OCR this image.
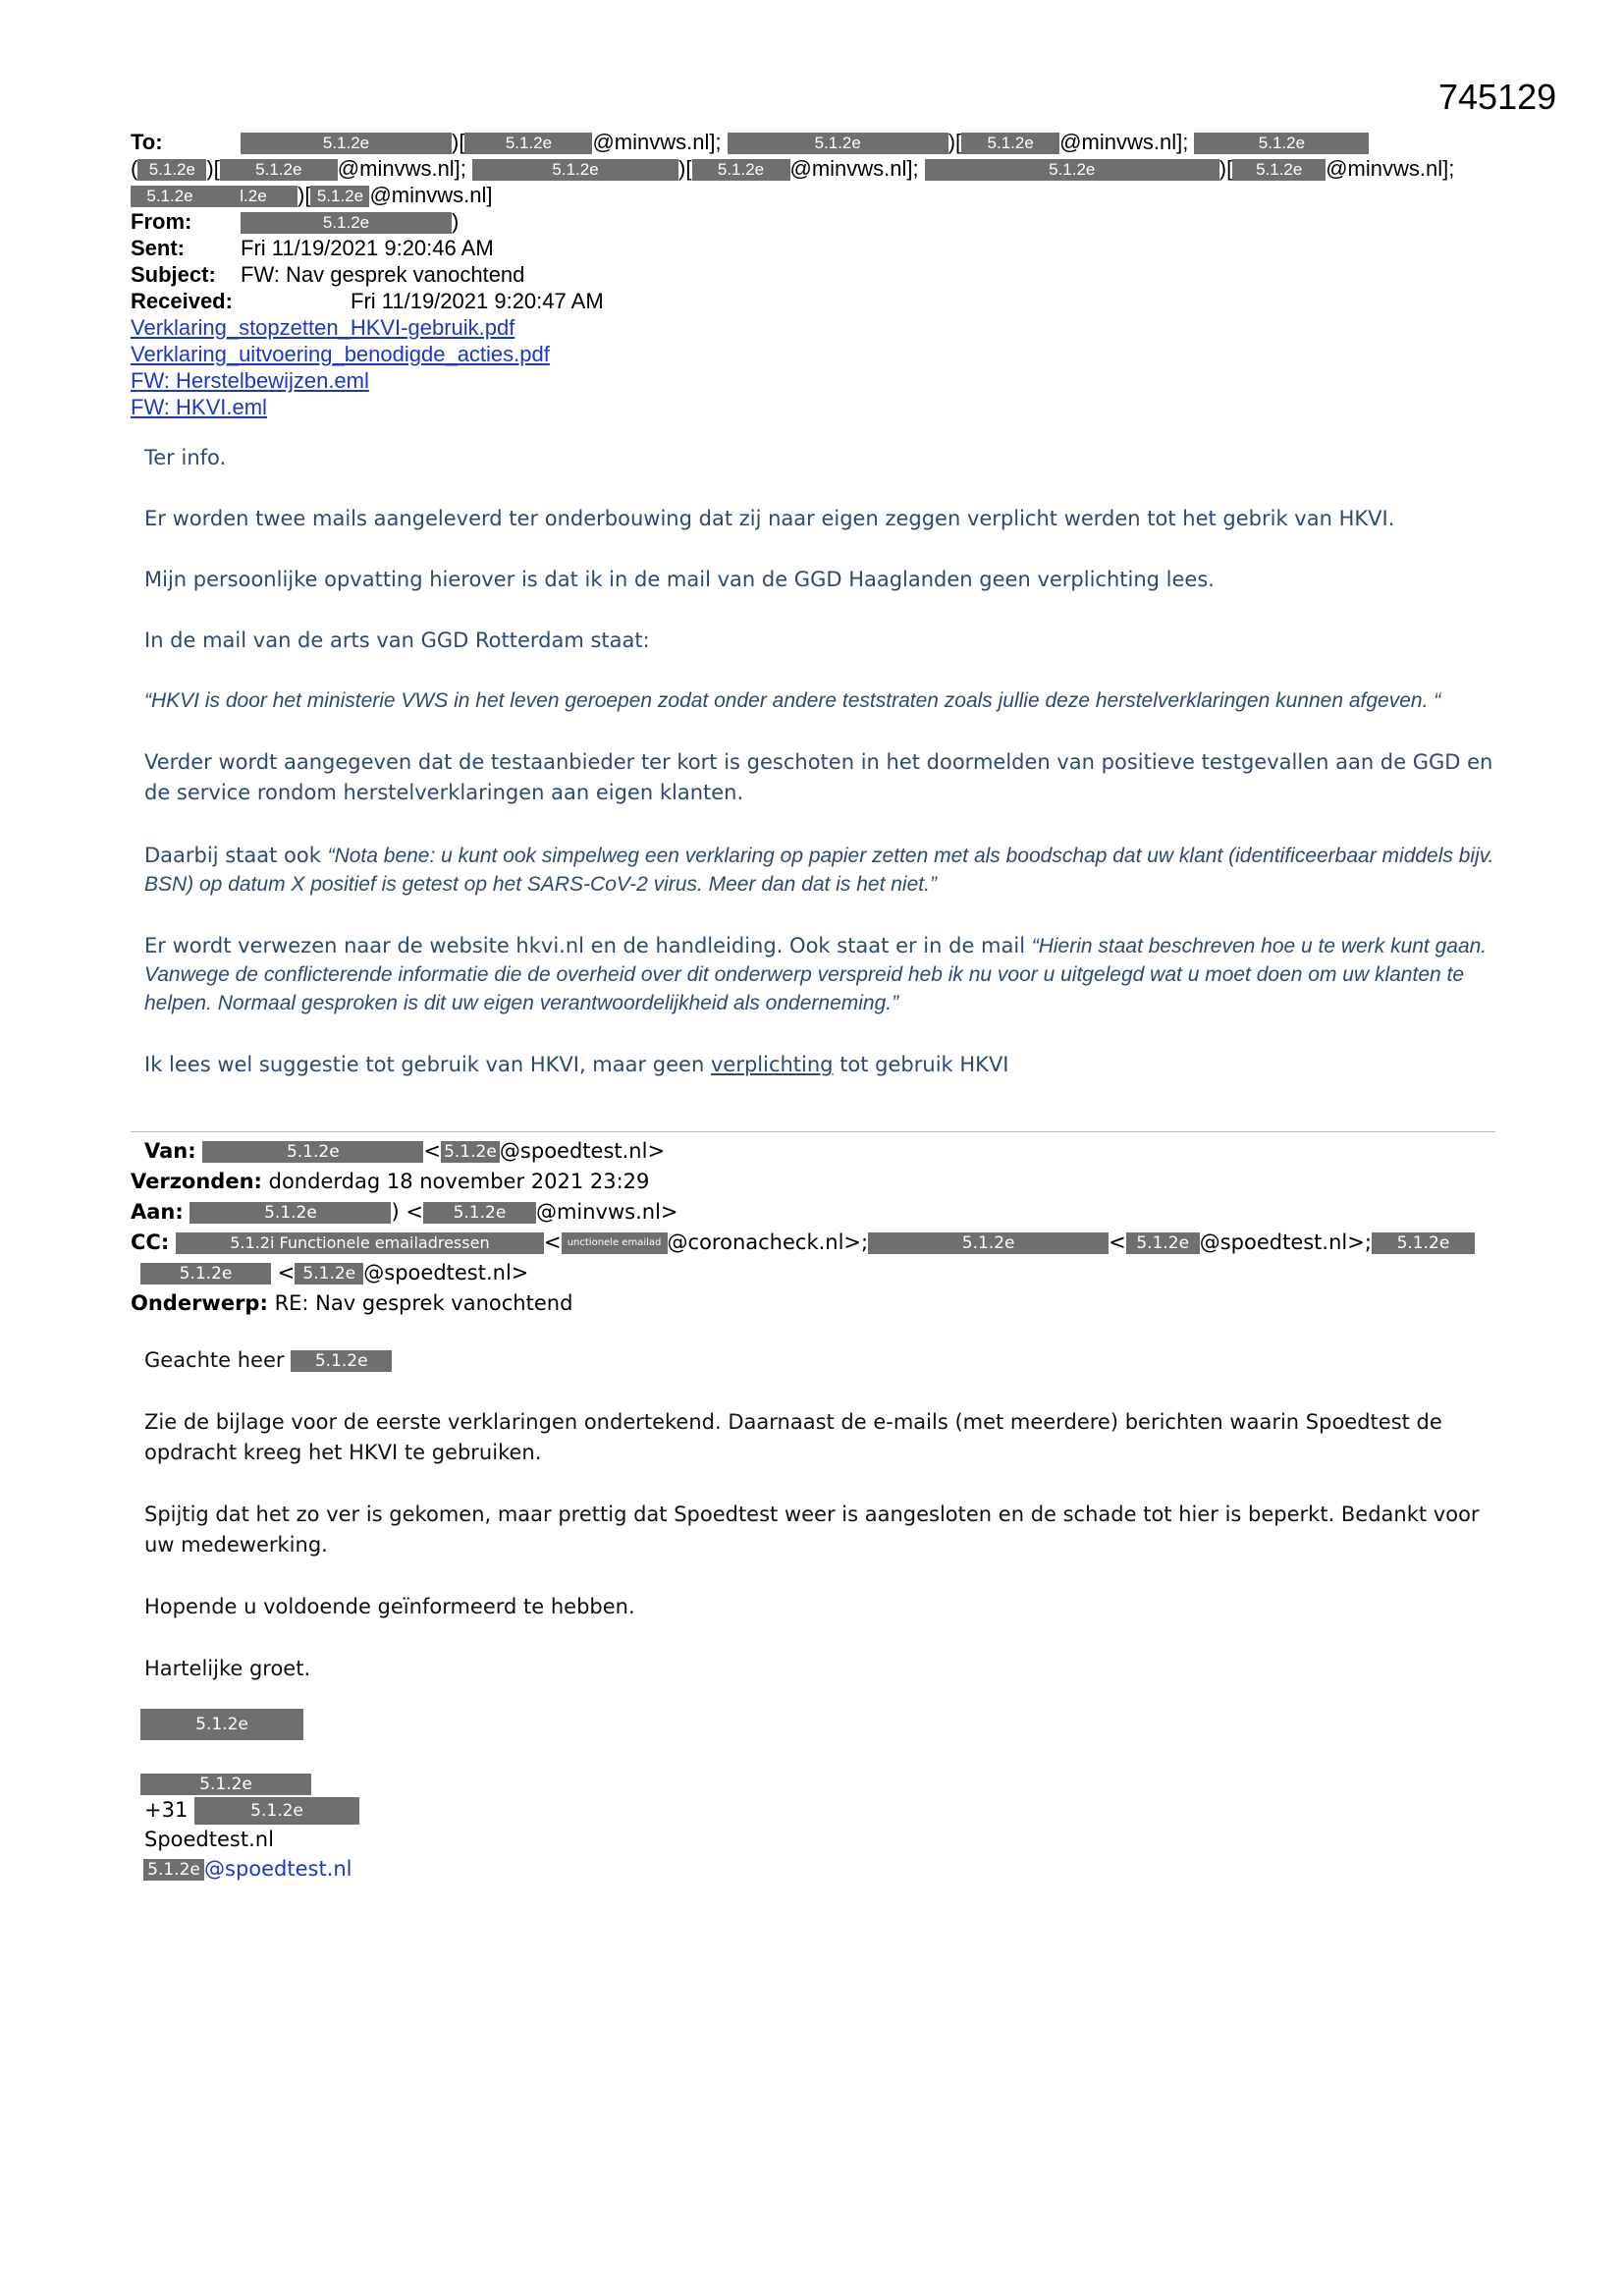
745129
To:	5.1.2e	)[ 5.1.2e @minvws.nl];	5.1.2e	)[ 5.1.2e @minvws.nl];	5.1.2e
( 5.1.2e )[ 5.1.2e @minvws.nl];	5.1.2e	)[ 5.1.2e @minvws.nl];	5.1.2e	)[ 5.1.2e @minvws.nl];
5.1.2e	l.2e )[ 5.1.2e @minvws.nl]
From:	5.1.2e	)
Sent:	Fri 11/19/2021 9:20:46 AM
Subject: FW: Nav gesprek vanochtend
Received:	Fri 11/19/2021 9:20:47 AM
Verklaring_stopzetten_HKVI-gebruik.pdf
Verklaring_uitvoering_benodigde_acties.pdf
FW: Herstelbewijzen.eml
FW: HKVI.eml

Ter info.

Er worden twee mails aangeleverd ter onderbouwing dat zij naar eigen zeggen verplicht werden tot het gebrik van HKVI.

Mijn persoonlijke opvatting hierover is dat ik in de mail van de GGD Haaglanden geen verplichting lees.

In de mail van de arts van GGD Rotterdam staat:

“HKVI is door het ministerie VWS in het leven geroepen zodat onder andere teststraten zoals jullie deze herstelverklaringen kunnen afgeven. “

Verder wordt aangegeven dat de testaanbieder ter kort is geschoten in het doormelden van positieve testgevallen aan de GGD en de service rondom herstelverklaringen aan eigen klanten.

Daarbij staat ook “Nota bene: u kunt ook simpelweg een verklaring op papier zetten met als boodschap dat uw klant (identificeerbaar middels bijv. BSN) op datum X positief is getest op het SARS-CoV-2 virus. Meer dan dat is het niet.”

Er wordt verwezen naar de website hkvi.nl en de handleiding. Ook staat er in de mail “Hierin staat beschreven hoe u te werk kunt gaan. Vanwege de conflicterende informatie die de overheid over dit onderwerp verspreid heb ik nu voor u uitgelegd wat u moet doen om uw klanten te helpen. Normaal gesproken is dit uw eigen verantwoordelijkheid als onderneming.”

Ik lees wel suggestie tot gebruik van HKVI, maar geen verplichting tot gebruik HKVI

Van:	5.1.2e	< 5.1.2e @spoedtest.nl>
Verzonden: donderdag 18 november 2021 23:29
Aan:	5.1.2e	) < 5.1.2e @minvws.nl>
CC:	5.1.2i Functionele emailadressen	< unctionele emailad @coronacheck.nl>;	5.1.2e	< 5.1.2e @spoedtest.nl>; 5.1.2e
5.1.2e < 5.1.2e @spoedtest.nl>
Onderwerp: RE: Nav gesprek vanochtend

Geachte heer 5.1.2e

Zie de bijlage voor de eerste verklaringen ondertekend. Daarnaast de e-mails (met meerdere) berichten waarin Spoedtest de opdracht kreeg het HKVI te gebruiken.

Spijtig dat het zo ver is gekomen, maar prettig dat Spoedtest weer is aangesloten en de schade tot hier is beperkt. Bedankt voor uw medewerking.

Hopende u voldoende geïnformeerd te hebben.

Hartelijke groet.

5.1.2e
5.1.2e
+31	5.1.2e
Spoedtest.nl
5.1.2e @spoedtest.nl
